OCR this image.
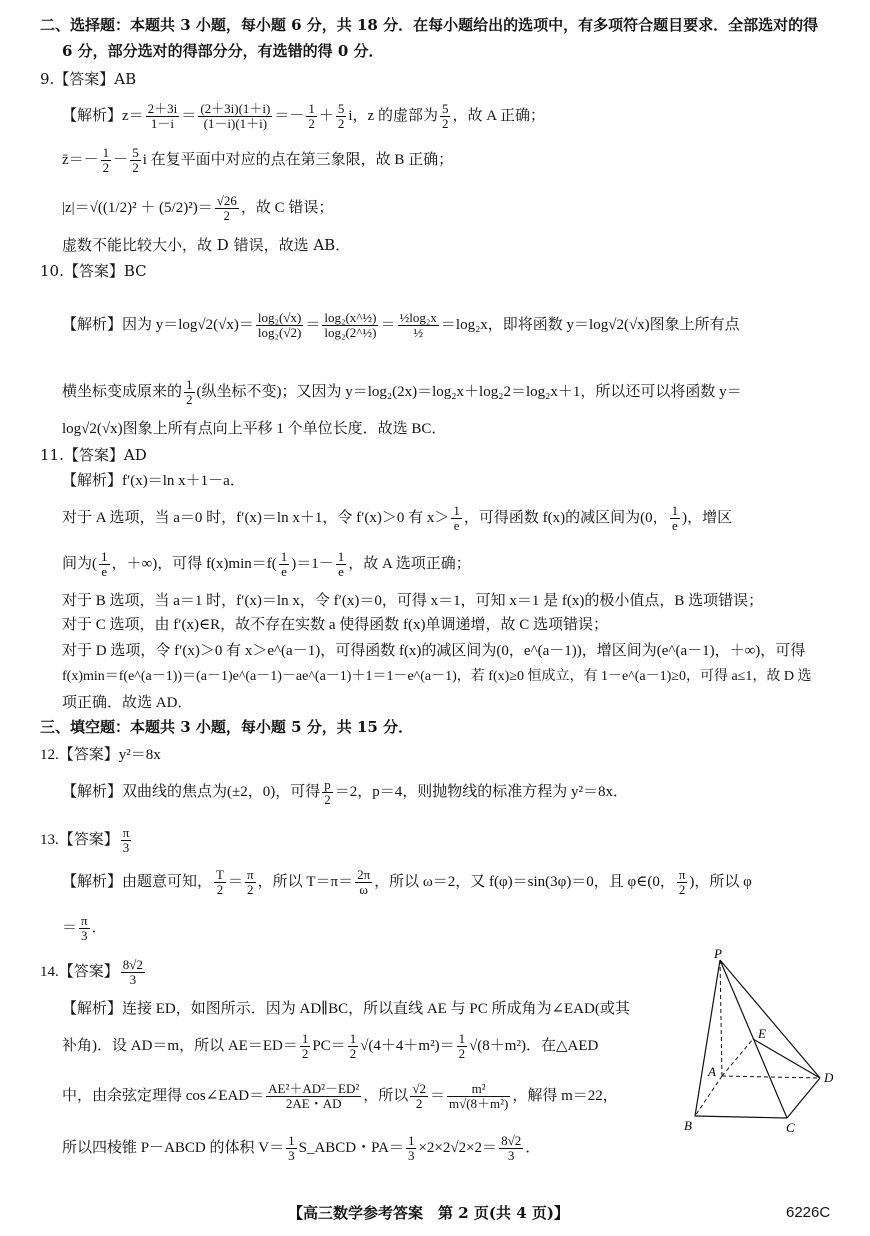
二、选择题：本题共 3 小题，每小题 6 分，共 18 分．在每小题给出的选项中，有多项符合题目要求．全部选对的得
6 分，部分选对的得部分分，有选错的得 0 分．
9.【答案】AB
【解析】$z= \frac{2+3i}{1-i} = \frac{(2+3i)(1+i)}{(1-i)(1+i)} =- \frac{1}{2} + \frac{5}{2}$ i，z 的虚部为 $\frac{5}{2}$ ，故 A 正确；
z̄＝－ $\frac{1}{2} - \frac{5}{2}$ i 在复平面中对应的点在第三象限，故 B 正确；
$|z|=√((1/2)^2 + (5/2)^2)= \frac{√26}{2}$ ，故 C 错误；
虚数不能比较大小，故 D 错误，故选 AB．
10.【答案】BC
【解析】因为 $y=\log√2(√x)= \frac{\text{log₂(√x)}}{\text{log₂(√2)}} = \frac{\text{log₂(x\textasciicircum{}½)}}{\text{log₂(2\textasciicircum{}½)}} = \frac{\text{½log₂x}}{\text{½}} =\log_2x$，即将函数 y＝log√2(√x)图象上所有点
横坐标变成原来的 $\frac{1}{2}$ (纵坐标不变)；又因为 y＝log₂(2x)＝log₂x＋log₂2＝log₂x＋1，所以还可以将函数 y＝
log√2(√x)图象上所有点向上平移 1 个单位长度．故选 BC．
11.【答案】AD
【解析】f′(x)＝ln x＋1－a．
对于 A 选项，当 a＝0 时，f′(x)＝ln x＋1，令 f′(x)＞0 有 $x> \frac{1}{e}$ ，可得函数 f(x)的减区间为(0， $\frac{1}{e}$ )，增区
间为( $\frac{1}{e}$ ，＋∞)，可得 $f(x)\min=f( \frac{1}{e} )=1- \frac{1}{e}$ ，故 A 选项正确；
对于 B 选项，当 a＝1 时，f′(x)＝ln x，令 f′(x)＝0，可得 x＝1，可知 x＝1 是 f(x)的极小值点，B 选项错误；
对于 C 选项，由 f′(x)∈R，故不存在实数 a 使得函数 f(x)单调递增，故 C 选项错误；
对于 D 选项，令 f′(x)＞0 有 x＞e^(a－1)，可得函数 f(x)的减区间为(0，e^(a－1))，增区间为(e^(a－1)，＋∞)，可得
f(x)min＝f(e^(a－1))＝(a－1)e^(a－1)－ae^(a－1)＋1＝1－e^(a－1)，若 f(x)≥0 恒成立，有 1－e^(a－1)≥0，可得 a≤1，故 D 选
项正确．故选 AD．
三、填空题：本题共 3 小题，每小题 5 分，共 15 分．
12.【答案】y²＝8x
【解析】双曲线的焦点为(±2，0)，可得 $\frac{p}{2} =2$，p＝4，则抛物线的标准方程为 y²＝8x．
13.【答案】 $\frac{\pi}{3}$
【解析】由题意可知， $\frac{T}{2} = \frac{\pi}{2}$ ，所以 $T=\pi= \frac{2\pi}{\omega}$ ，所以 ω＝2，又 f(φ)＝sin(3φ)＝0，且 φ∈(0， $\frac{\pi}{2}$ )，所以 φ
＝ $\frac{\pi}{3}$ ．
14.【答案】 $\frac{8√2}{3}$
【解析】连接 ED，如图所示．因为 AD∥BC，所以直线 AE 与 PC 所成角为∠EAD(或其
补角)．设 AD＝m，所以 $AE=ED= \frac{1}{2} PC= \frac{1}{2} √(4+4+m^2)= \frac{1}{2} √(8+m^2)$．在△AED
中，由余弦定理得 cos∠EAD＝ $\frac{\text{AE²＋AD²－ED²}}{2AE・AD}$ ，所以 $\frac{√2}{2} = \frac{\text{m²}}{\text{m√(8＋m²)}}$ ，解得 m＝22，
所以四棱锥 P－ABCD 的体积 $V= \frac{1}{3}$ S_ABCD・$PA= \frac{1}{3} \times 2\times 2√2\times 2= \frac{8√2}{3}$ ．
P
A
B	C
D
E
【高三数学参考答案　第 2 页(共 4 页)】	6226C
